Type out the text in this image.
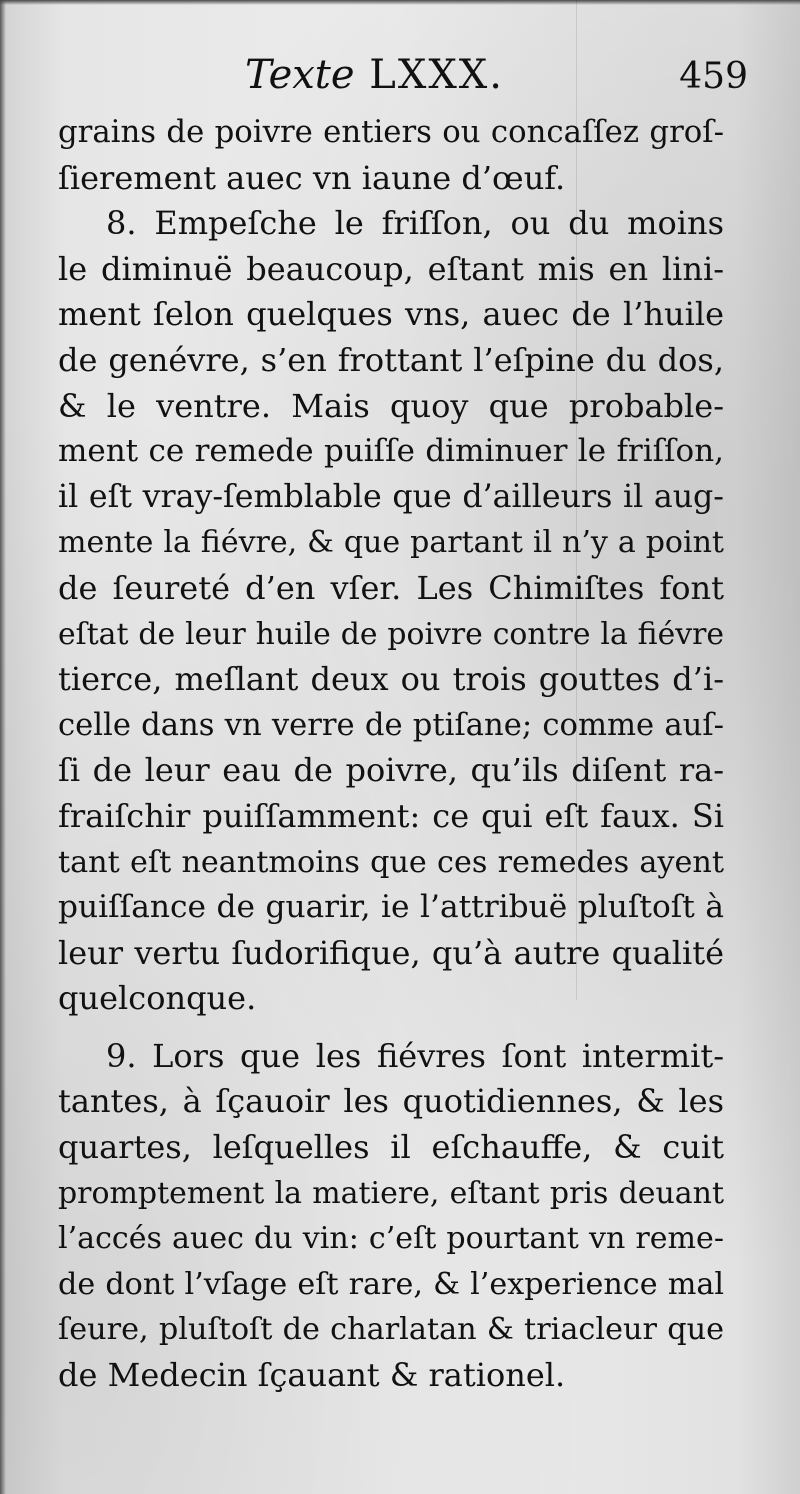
Texte LXXX.	459
grains de poivre entiers ou concaſſez groſ-
ſierement auec vn iaune d’œuf.
8. Empeſche le friſſon, ou du moins
le diminuë beaucoup, eſtant mis en lini-
ment ſelon quelques vns, auec de l’huile
de genévre, s’en frottant l’eſpine du dos,
& le ventre. Mais quoy que probable-
ment ce remede puiſſe diminuer le friſſon,
il eſt vray-ſemblable que d’ailleurs il aug-
mente la fiévre, & que partant il n’y a point
de ſeureté d’en vſer. Les Chimiſtes font
eſtat de leur huile de poivre contre la fiévre
tierce, meſlant deux ou trois gouttes d’i-
celle dans vn verre de ptiſane; comme auſ-
ſi de leur eau de poivre, qu’ils diſent ra-
fraiſchir puiſſamment: ce qui eſt faux. Si
tant eſt neantmoins que ces remedes ayent
puiſſance de guarir, ie l’attribuë pluſtoſt à
leur vertu ſudorifique, qu’à autre qualité
quelconque.
9. Lors que les fiévres ſont intermit-
tantes, à ſçauoir les quotidiennes, & les
quartes, leſquelles il eſchauffe, & cuit
promptement la matiere, eſtant pris deuant
l’accés auec du vin: c’eſt pourtant vn reme-
de dont l’vſage eſt rare, & l’experience mal
ſeure, pluſtoſt de charlatan & triacleur que
de Medecin ſçauant & rationel.
